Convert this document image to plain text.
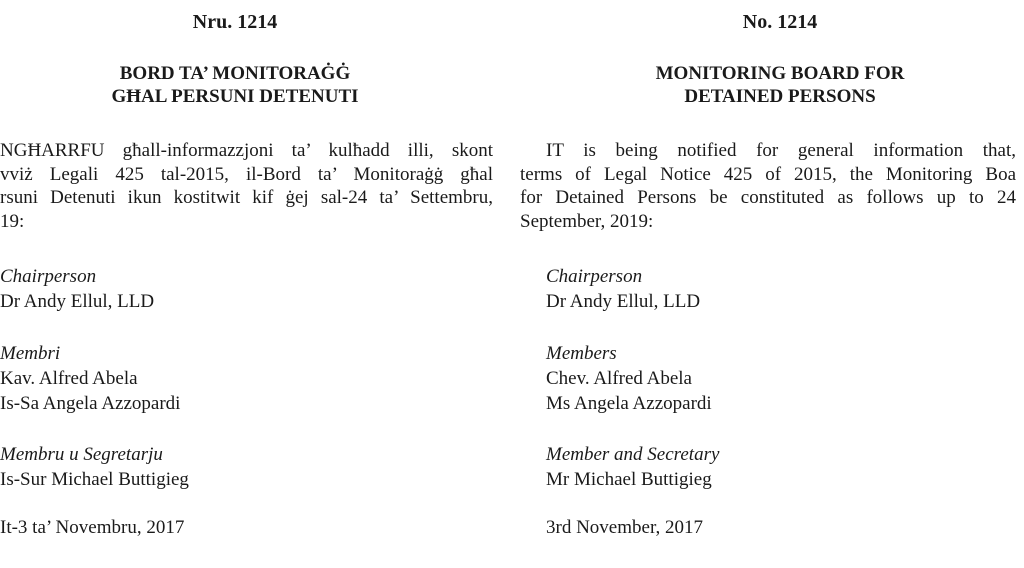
Nru. 1214
BORD TA’ MONITORAĠĠ
GĦAL PERSUNI DETENUTI
NGĦARRFU għall-informazzjoni ta’ kulħadd illi, skont
vviż Legali 425 tal-2015, il-Bord ta’ Monitoraġġ għal
rsuni Detenuti ikun kostitwit kif ġej sal-24 ta’ Settembru,
19:
Chairperson
Dr Andy Ellul, LLD
Membri
Kav. Alfred Abela
Is-Sa Angela Azzopardi
Membru u Segretarju
Is-Sur Michael Buttigieg
It-3 ta’ Novembru, 2017
No. 1214
MONITORING BOARD FOR
DETAINED PERSONS
IT is being notified for general information that,
terms of Legal Notice 425 of 2015, the Monitoring Boa
for Detained Persons be constituted as follows up to 24
September, 2019:
Chairperson
Dr Andy Ellul, LLD
Members
Chev. Alfred Abela
Ms Angela Azzopardi
Member and Secretary
Mr Michael Buttigieg
3rd November, 2017
